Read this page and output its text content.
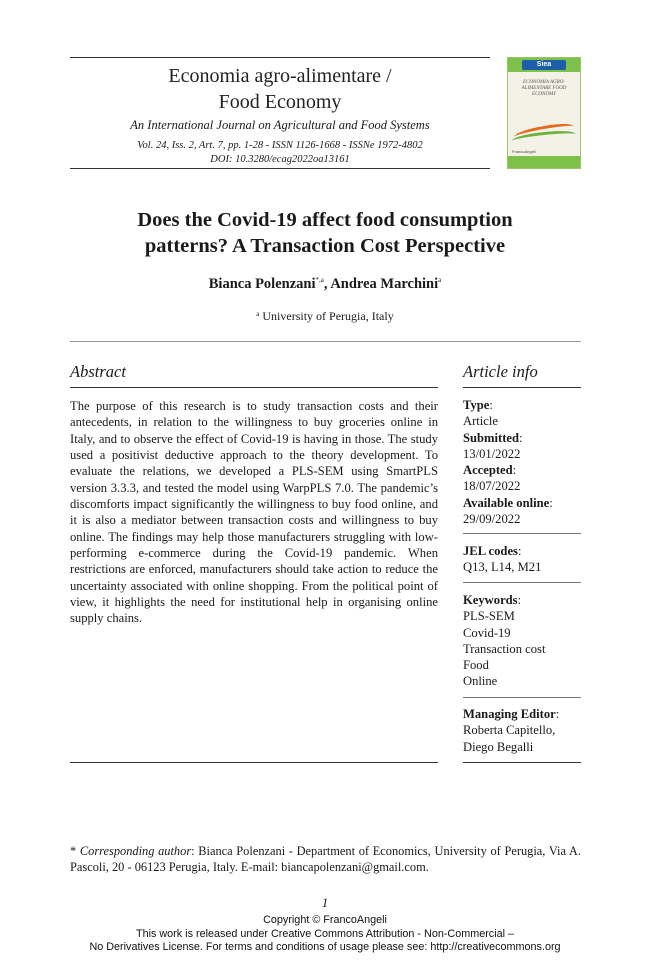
Economia agro-alimentare /
Food Economy
An International Journal on Agricultural and Food Systems
Vol. 24, Iss. 2, Art. 7, pp. 1-28 - ISSN 1126-1668 - ISSNe 1972-4802
DOI: 10.3280/ecag2022oa13161
Siea
ECONOMIA AGRO-ALIMENTARE FOOD ECONOMY
FrancoAngeli
Does the Covid-19 affect food consumption
patterns? A Transaction Cost Perspective
Bianca Polenzani$^{*,a}$, Andrea Marchini$^a$
$^a$ University of Perugia, Italy
Abstract
The purpose of this research is to study transaction costs and their antecedents, in relation to the willingness to buy groceries online in Italy, and to observe the effect of Covid-19 is having in those. The study used a positivist deductive approach to the theory development. To evaluate the relations, we developed a PLS-SEM using SmartPLS version 3.3.3, and tested the model using WarpPLS 7.0. The pandemic’s discomforts impact significantly the willingness to buy food online, and it is also a mediator between transaction costs and willingness to buy online. The findings may help those manufacturers struggling with low-performing e-commerce during the Covid-19 pandemic. When restrictions are enforced, manufacturers should take action to reduce the uncertainty associated with online shopping. From the political point of view, it highlights the need for institutional help in organising online supply chains.
Article info
Type:
Article
Submitted:
13/01/2022
Accepted:
18/07/2022
Available online:
29/09/2022
JEL codes:
Q13, L14, M21
Keywords:
PLS-SEM
Covid-19
Transaction cost
Food
Online
Managing Editor:
Roberta Capitello,
Diego Begalli
* Corresponding author: Bianca Polenzani - Department of Economics, University of Perugia, Via A. Pascoli, 20 - 06123 Perugia, Italy. E-mail: biancapolenzani@gmail.com.
1
Copyright © FrancoAngeli
This work is released under Creative Commons Attribution - Non-Commercial –
No Derivatives License. For terms and conditions of usage please see: http://creativecommons.org
